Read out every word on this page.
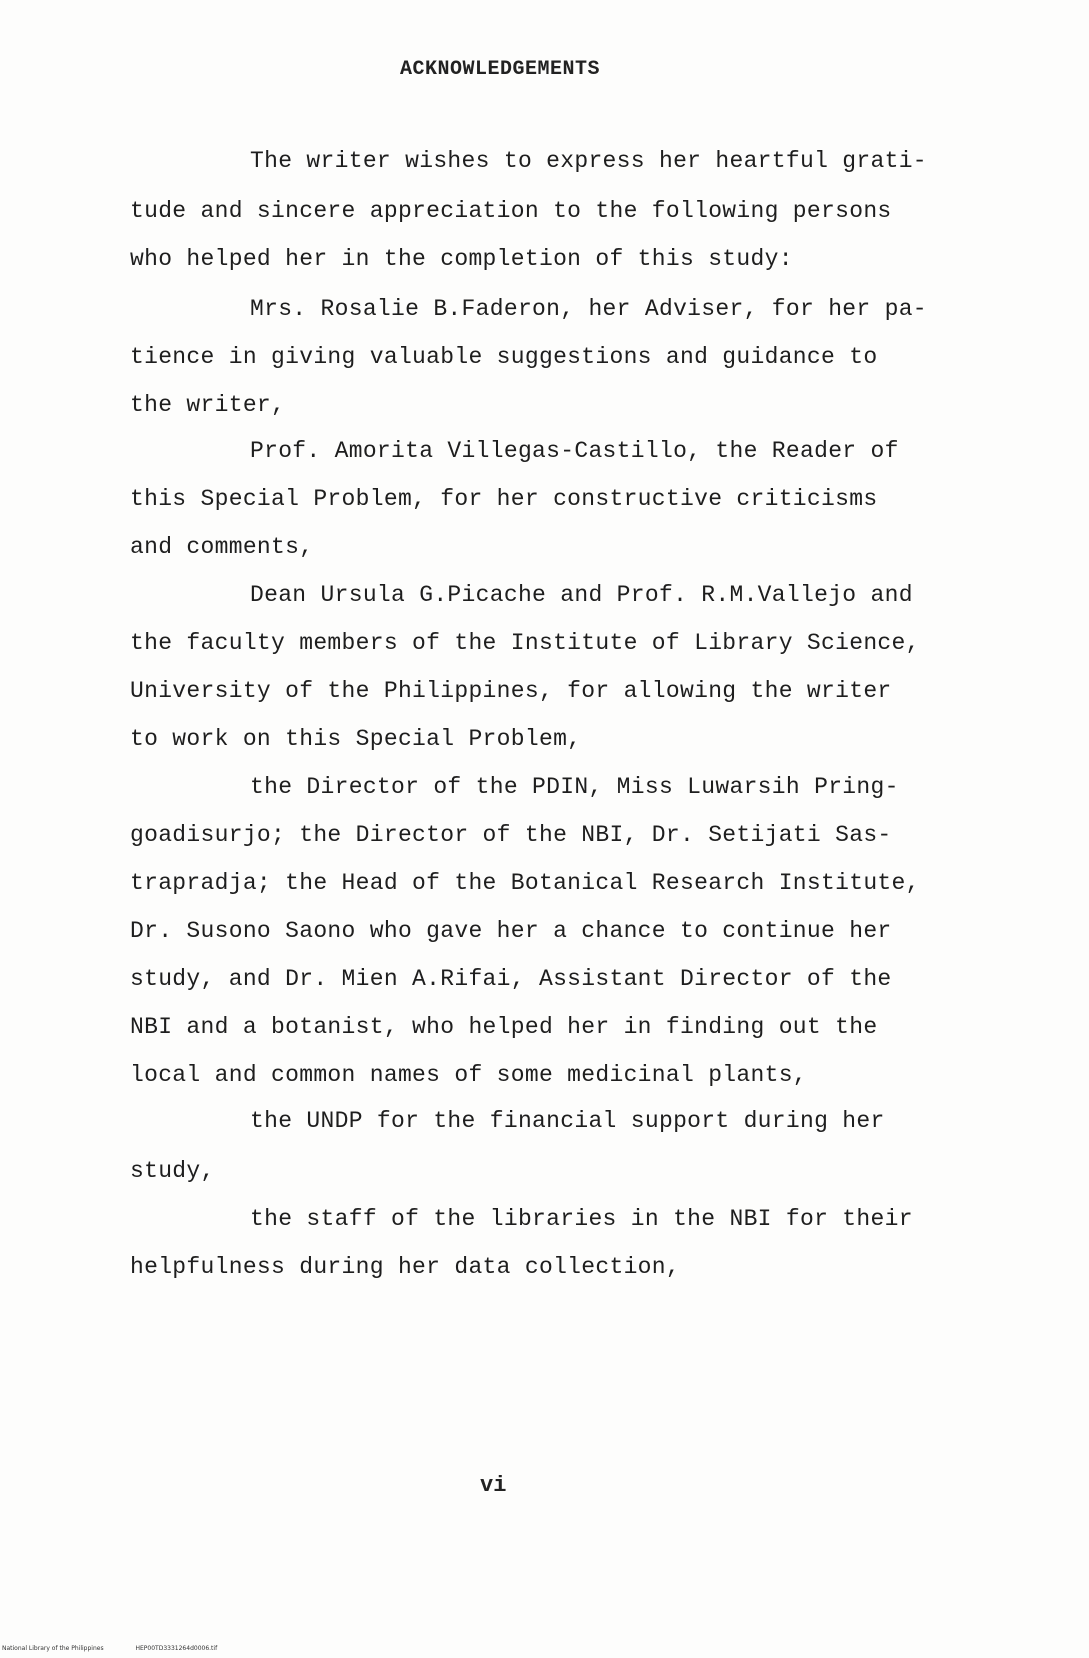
ACKNOWLEDGEMENTS
The writer wishes to express her heartful grati-
tude and sincere appreciation to the following persons
who helped her in the completion of this study:
Mrs. Rosalie B.Faderon, her Adviser, for her pa-
tience in giving valuable suggestions and guidance to
the writer,
Prof. Amorita Villegas-Castillo, the Reader of
this Special Problem, for her constructive criticisms
and comments,
Dean Ursula G.Picache and Prof. R.M.Vallejo and
the faculty members of the Institute of Library Science,
University of the Philippines, for allowing the writer
to work on this Special Problem,
the Director of the PDIN, Miss Luwarsih Pring-
goadisurjo; the Director of the NBI, Dr. Setijati Sas-
trapradja; the Head of the Botanical Research Institute,
Dr. Susono Saono who gave her a chance to continue her
study, and Dr. Mien A.Rifai, Assistant Director of the
NBI and a botanist, who helped her in finding out the
local and common names of some medicinal plants,
the UNDP for the financial support during her
study,
the staff of the libraries in the NBI for their
helpfulness during her data collection,
vi
National Library of the Philippines	HEP00TD3331264d0006.tif
